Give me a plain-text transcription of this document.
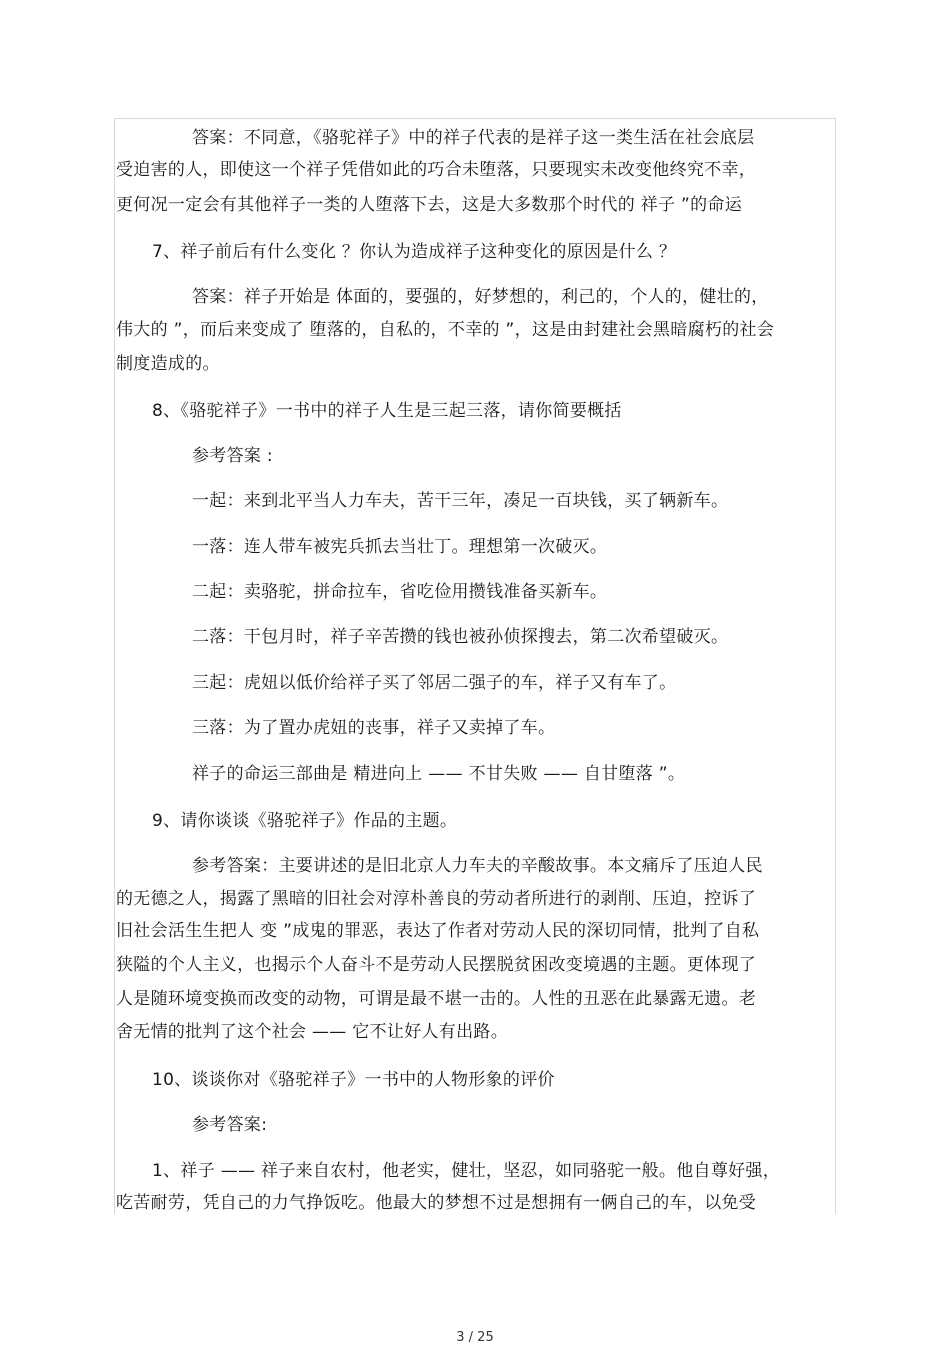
答案：不同意，《骆驼祥子》中的祥子代表的是祥子这一类生活在社会底层
受迫害的人，即使这一个祥子凭借如此的巧合未堕落，只要现实未改变他终究不幸，
更何况一定会有其他祥子一类的人堕落下去，这是大多数那个时代的 祥子 ”的命运
7、祥子前后有什么变化 ？你认为造成祥子这种变化的原因是什么 ？
答案：祥子开始是 体面的，要强的，好梦想的，利己的，个人的，健壮的，
伟大的 ”，而后来变成了 堕落的，自私的，不幸的 ”，这是由封建社会黑暗腐朽的社会
制度造成的。
8、《骆驼祥子》一书中的祥子人生是三起三落，请你简要概括
参考答案 :
一起：来到北平当人力车夫，苦干三年，凑足一百块钱，买了辆新车。
一落：连人带车被宪兵抓去当壮丁。理想第一次破灭。
二起：卖骆驼，拼命拉车，省吃俭用攒钱准备买新车。
二落：干包月时，祥子辛苦攒的钱也被孙侦探搜去，第二次希望破灭。
三起：虎妞以低价给祥子买了邻居二强子的车，祥子又有车了。
三落：为了置办虎妞的丧事，祥子又卖掉了车。
祥子的命运三部曲是 精进向上 —— 不甘失败 —— 自甘堕落 ”。
9、请你谈谈《骆驼祥子》作品的主题。
参考答案：主要讲述的是旧北京人力车夫的辛酸故事。本文痛斥了压迫人民
的无德之人，揭露了黑暗的旧社会对淳朴善良的劳动者所进行的剥削、压迫，控诉了
旧社会活生生把人 变 ”成鬼的罪恶，表达了作者对劳动人民的深切同情，批判了自私
狭隘的个人主义，也揭示个人奋斗不是劳动人民摆脱贫困改变境遇的主题。更体现了
人是随环境变换而改变的动物，可谓是最不堪一击的。人性的丑恶在此暴露无遗。老
舍无情的批判了这个社会 —— 它不让好人有出路。
10、谈谈你对《骆驼祥子》一书中的人物形象的评价
参考答案:
1、祥子 —— 祥子来自农村，他老实，健壮，坚忍，如同骆驼一般。他自尊好强，
吃苦耐劳，凭自己的力气挣饭吃。他最大的梦想不过是想拥有一俩自己的车，以免受
3 / 25
